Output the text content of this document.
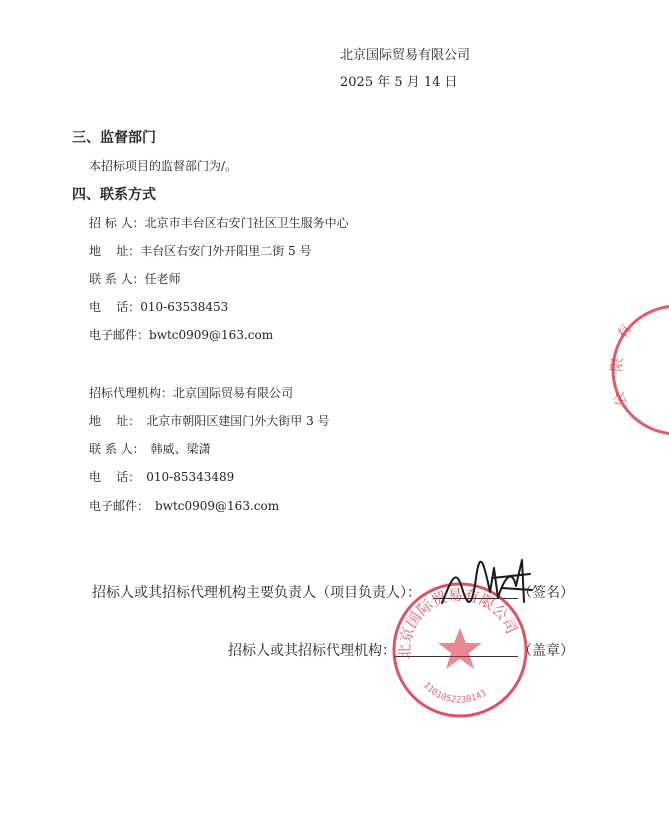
北京国际贸易有限公司
2025 年 5 月 14 日
三、监督部门
本招标项目的监督部门为/。
四、联系方式
招 标 人：北京市丰台区右安门社区卫生服务中心
地    址：丰台区右安门外开阳里二街 5 号
联 系 人：任老师
电    话：010-63538453
电子邮件：bwtc0909@163.com
招标代理机构：北京国际贸易有限公司
地    址： 北京市朝阳区建国门外大街甲 3 号
联 系 人： 韩威、梁潇
电    话： 010-85343489
电子邮件： bwtc0909@163.com
招标人或其招标代理机构主要负责人（项目负责人）：	（签名）
招标人或其招标代理机构：	（盖章）
北京国际贸易有限公司
1101052230143
有
限
公
